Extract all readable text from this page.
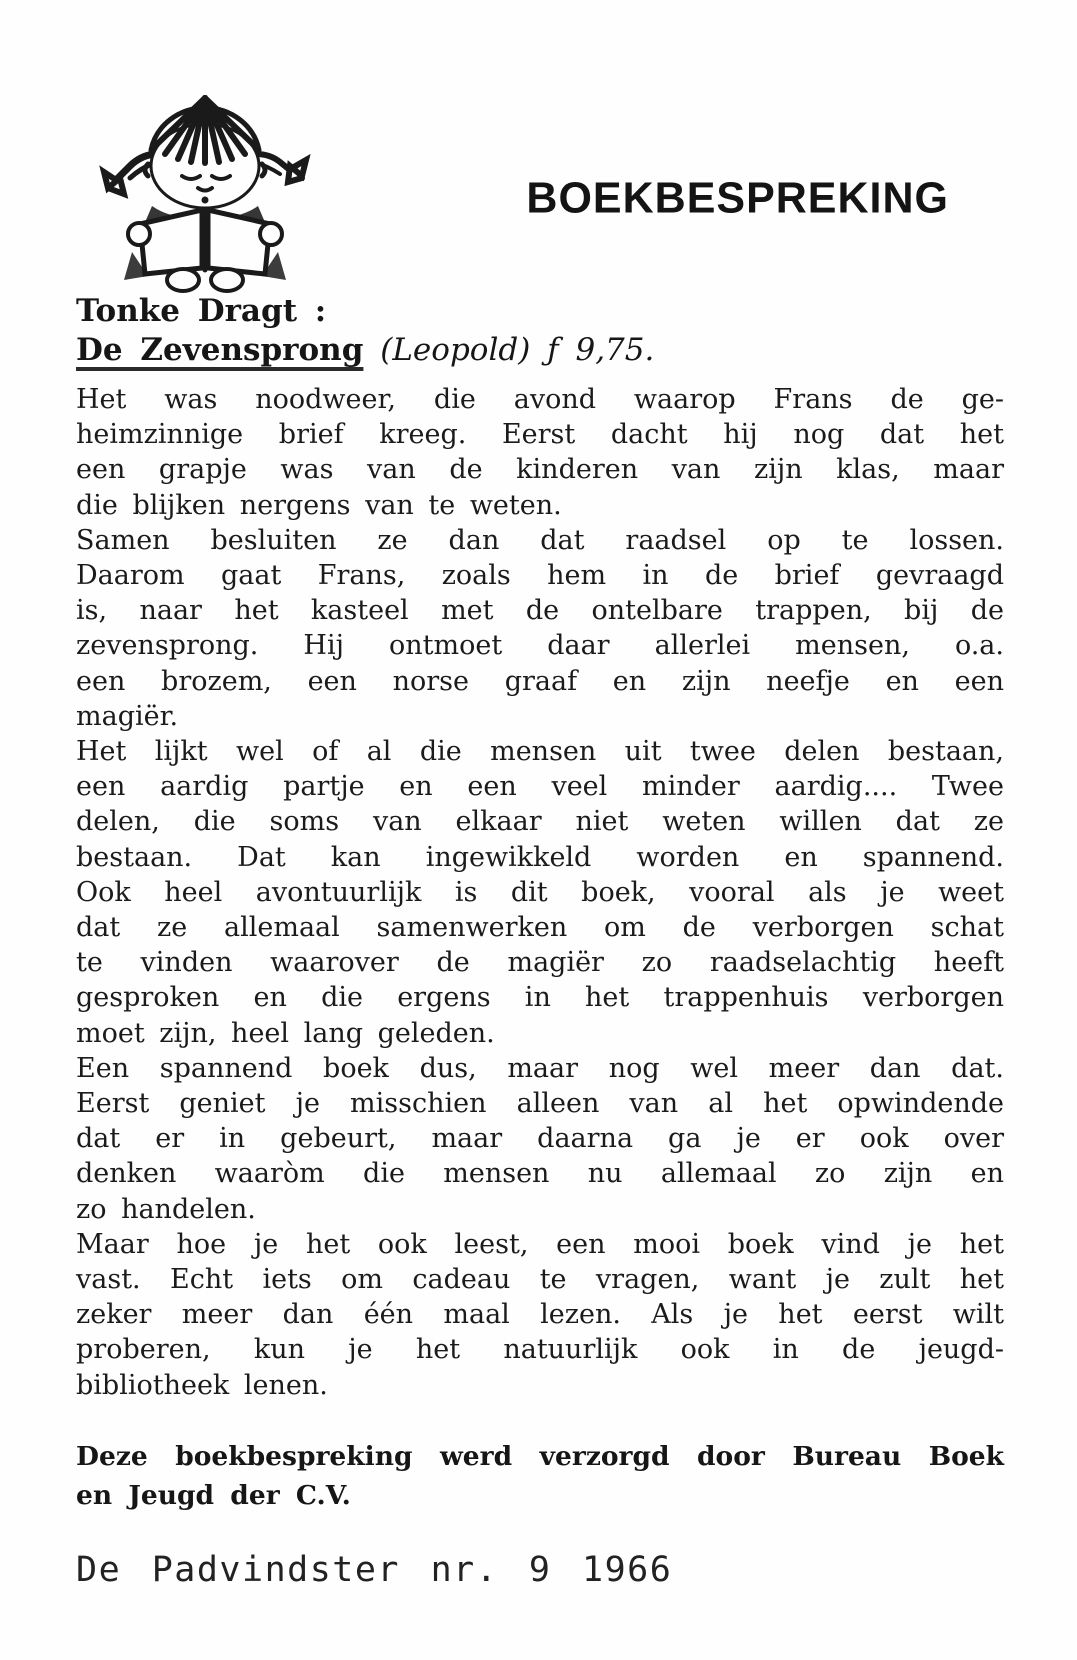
BOEKBESPREKING
Tonke Dragt :
De Zevensprong (Leopold) ƒ 9,75.

Het was noodweer, die avond waarop Frans de ge-
heimzinnige brief kreeg. Eerst dacht hij nog dat het
een grapje was van de kinderen van zijn klas, maar
die blijken nergens van te weten.

Samen besluiten ze dan dat raadsel op te lossen.
Daarom gaat Frans, zoals hem in de brief gevraagd
is, naar het kasteel met de ontelbare trappen, bij de
zevensprong. Hij ontmoet daar allerlei mensen, o.a.
een brozem, een norse graaf en zijn neefje en een
magiër.

Het lijkt wel of al die mensen uit twee delen bestaan,
een aardig partje en een veel minder aardig.... Twee
delen, die soms van elkaar niet weten willen dat ze
bestaan. Dat kan ingewikkeld worden en spannend.
Ook heel avontuurlijk is dit boek, vooral als je weet
dat ze allemaal samenwerken om de verborgen schat
te vinden waarover de magiër zo raadselachtig heeft
gesproken en die ergens in het trappenhuis verborgen
moet zijn, heel lang geleden.

Een spannend boek dus, maar nog wel meer dan dat.
Eerst geniet je misschien alleen van al het opwindende
dat er in gebeurt, maar daarna ga je er ook over
denken waaròm die mensen nu allemaal zo zijn en
zo handelen.

Maar hoe je het ook leest, een mooi boek vind je het
vast. Echt iets om cadeau te vragen, want je zult het
zeker meer dan één maal lezen. Als je het eerst wilt
proberen, kun je het natuurlijk ook in de jeugd-
bibliotheek lenen.

Deze boekbespreking werd verzorgd door Bureau Boek
en Jeugd der C.V.
De Padvindster nr. 9 1966
